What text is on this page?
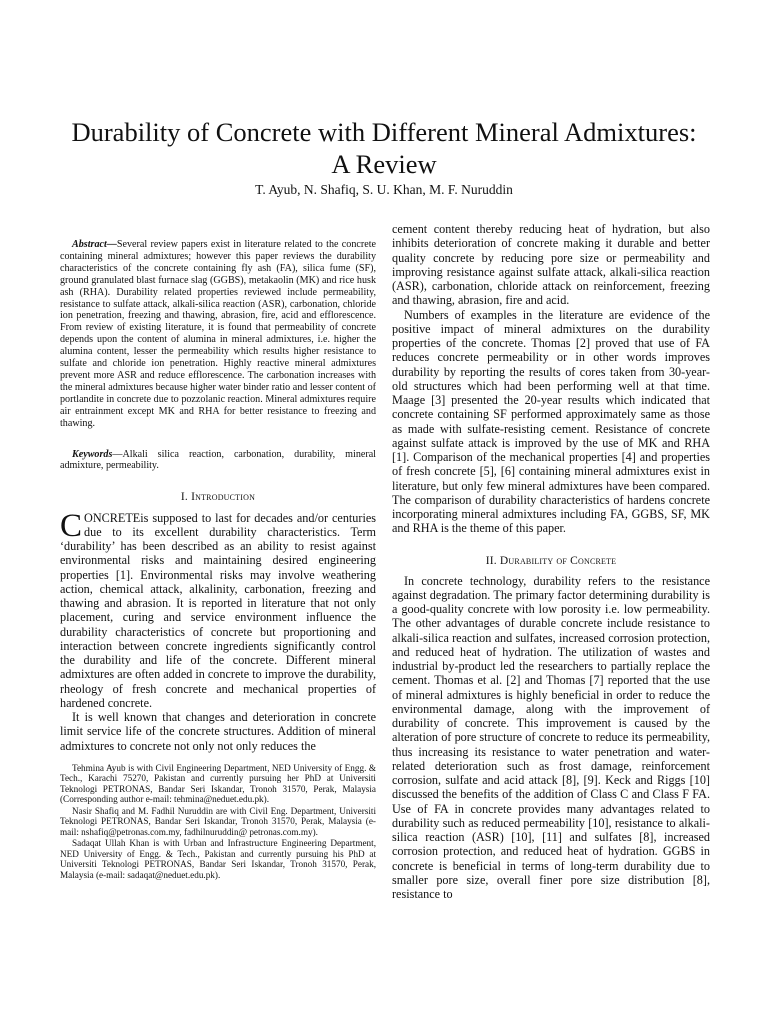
Durability of Concrete with Different Mineral Admixtures: A Review

T. Ayub, N. Shafiq, S. U. Khan, M. F. Nuruddin

Abstract—Several review papers exist in literature related to the concrete containing mineral admixtures; however this paper reviews the durability characteristics of the concrete containing fly ash (FA), silica fume (SF), ground granulated blast furnace slag (GGBS), metakaolin (MK) and rice husk ash (RHA). Durability related properties reviewed include permeability, resistance to sulfate attack, alkali-silica reaction (ASR), carbonation, chloride ion penetration, freezing and thawing, abrasion, fire, acid and efflorescence. From review of existing literature, it is found that permeability of concrete depends upon the content of alumina in mineral admixtures, i.e. higher the alumina content, lesser the permeability which results higher resistance to sulfate and chloride ion penetration. Highly reactive mineral admixtures prevent more ASR and reduce efflorescence. The carbonation increases with the mineral admixtures because higher water binder ratio and lesser content of portlandite in concrete due to pozzolanic reaction. Mineral admixtures require air entrainment except MK and RHA for better resistance to freezing and thawing.

Keywords—Alkali silica reaction, carbonation, durability, mineral admixture, permeability.

I. Introduction

C ONCRETEis supposed to last for decades and/or centuries due to its excellent durability characteristics. Term ‘durability’ has been described as an ability to resist against environmental risks and maintaining desired engineering properties [1]. Environmental risks may involve weathering action, chemical attack, alkalinity, carbonation, freezing and thawing and abrasion. It is reported in literature that not only placement, curing and service environment influence the durability characteristics of concrete but proportioning and interaction between concrete ingredients significantly control the durability and life of the concrete. Different mineral admixtures are often added in concrete to improve the durability, rheology of fresh concrete and mechanical properties of hardened concrete.

It is well known that changes and deterioration in concrete limit service life of the concrete structures. Addition of mineral admixtures to concrete not only not only reduces the

Tehmina Ayub is with Civil Engineering Department, NED University of Engg. & Tech., Karachi 75270, Pakistan and currently pursuing her PhD at Universiti Teknologi PETRONAS, Bandar Seri Iskandar, Tronoh 31570, Perak, Malaysia (Corresponding author e-mail: tehmina@neduet.edu.pk).

Nasir Shafiq and M. Fadhil Nuruddin are with Civil Eng. Department, Universiti Teknologi PETRONAS, Bandar Seri Iskandar, Tronoh 31570, Perak, Malaysia (e-mail: nshafiq@petronas.com.my, fadhilnuruddin@ petronas.com.my).

Sadaqat Ullah Khan is with Urban and Infrastructure Engineering Department, NED University of Engg. & Tech., Pakistan and currently pursuing his PhD at Universiti Teknologi PETRONAS, Bandar Seri Iskandar, Tronoh 31570, Perak, Malaysia (e-mail: sadaqat@neduet.edu.pk).

cement content thereby reducing heat of hydration, but also inhibits deterioration of concrete making it durable and better quality concrete by reducing pore size or permeability and improving resistance against sulfate attack, alkali-silica reaction (ASR), carbonation, chloride attack on reinforcement, freezing and thawing, abrasion, fire and acid.

Numbers of examples in the literature are evidence of the positive impact of mineral admixtures on the durability properties of the concrete. Thomas [2] proved that use of FA reduces concrete permeability or in other words improves durability by reporting the results of cores taken from 30-year-old structures which had been performing well at that time. Maage [3] presented the 20-year results which indicated that concrete containing SF performed approximately same as those as made with sulfate-resisting cement. Resistance of concrete against sulfate attack is improved by the use of MK and RHA [1]. Comparison of the mechanical properties [4] and properties of fresh concrete [5], [6] containing mineral admixtures exist in literature, but only few mineral admixtures have been compared. The comparison of durability characteristics of hardens concrete incorporating mineral admixtures including FA, GGBS, SF, MK and RHA is the theme of this paper.

II. Durability of Concrete

In concrete technology, durability refers to the resistance against degradation. The primary factor determining durability is a good-quality concrete with low porosity i.e. low permeability. The other advantages of durable concrete include resistance to alkali-silica reaction and sulfates, increased corrosion protection, and reduced heat of hydration. The utilization of wastes and industrial by-product led the researchers to partially replace the cement. Thomas et al. [2] and Thomas [7] reported that the use of mineral admixtures is highly beneficial in order to reduce the environmental damage, along with the improvement of durability of concrete. This improvement is caused by the alteration of pore structure of concrete to reduce its permeability, thus increasing its resistance to water penetration and water-related deterioration such as frost damage, reinforcement corrosion, sulfate and acid attack [8], [9]. Keck and Riggs [10] discussed the benefits of the addition of Class C and Class F FA. Use of FA in concrete provides many advantages related to durability such as reduced permeability [10], resistance to alkali-silica reaction (ASR) [10], [11] and sulfates [8], increased corrosion protection, and reduced heat of hydration. GGBS in concrete is beneficial in terms of long-term durability due to smaller pore size, overall finer pore size distribution [8], resistance to
